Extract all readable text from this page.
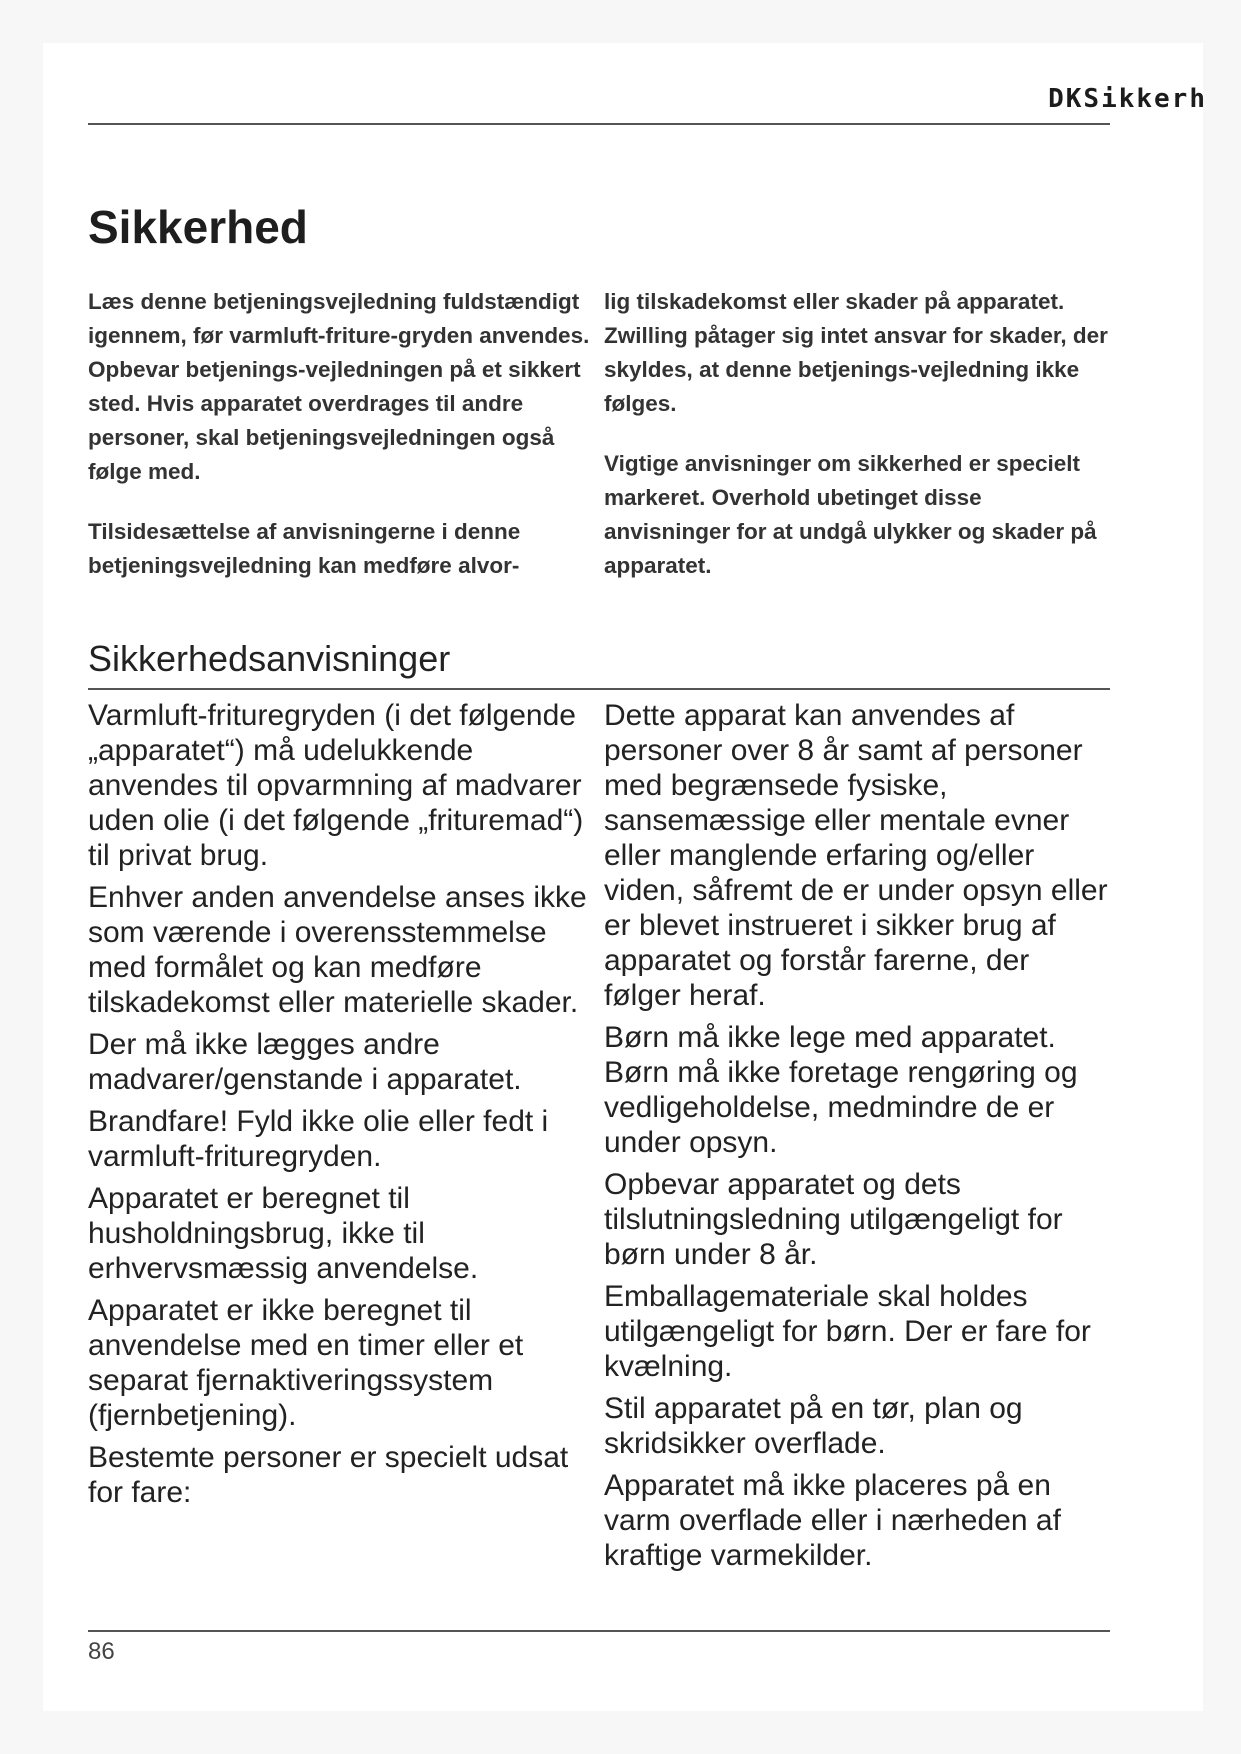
DKSikkerh
Sikkerhed

Læs denne betjeningsvejledning fuldstændigt igennem, før varmluft-friture-gryden anvendes. Opbevar betjenings-vejledningen på et sikkert sted. Hvis apparatet overdrages til andre personer, skal betjeningsvejledningen også følge med.

Tilsidesættelse af anvisningerne i denne betjeningsvejledning kan medføre alvor-

lig tilskadekomst eller skader på apparatet. Zwilling påtager sig intet ansvar for skader, der skyldes, at denne betjenings-vejledning ikke følges.

Vigtige anvisninger om sikkerhed er specielt markeret. Overhold ubetinget disse anvisninger for at undgå ulykker og skader på apparatet.

Sikkerhedsanvisninger

Varmluft-frituregryden (i det følgende „apparatet“) må udelukkende anvendes til opvarmning af madvarer uden olie (i det følgende „frituremad“) til privat brug.

Enhver anden anvendelse anses ikke som værende i overensstemmelse med formålet og kan medføre tilskadekomst eller materielle skader.

Der må ikke lægges andre madvarer/genstande i apparatet.

Brandfare! Fyld ikke olie eller fedt i varmluft-frituregryden.

Apparatet er beregnet til husholdningsbrug, ikke til erhvervsmæssig anvendelse.

Apparatet er ikke beregnet til anvendelse med en timer eller et separat fjernaktiveringssystem (fjernbetjening).

Bestemte personer er specielt udsat for fare:

Dette apparat kan anvendes af personer over 8 år samt af personer med begrænsede fysiske, sansemæssige eller mentale evner eller manglende erfaring og/eller viden, såfremt de er under opsyn eller er blevet instrueret i sikker brug af apparatet og forstår farerne, der følger heraf.

Børn må ikke lege med apparatet. Børn må ikke foretage rengøring og vedligeholdelse, medmindre de er under opsyn.

Opbevar apparatet og dets tilslutningsledning utilgængeligt for børn under 8 år.

Emballagemateriale skal holdes utilgængeligt for børn. Der er fare for kvælning.

Stil apparatet på en tør, plan og skridsikker overflade.

Apparatet må ikke placeres på en varm overflade eller i nærheden af kraftige varmekilder.

86
